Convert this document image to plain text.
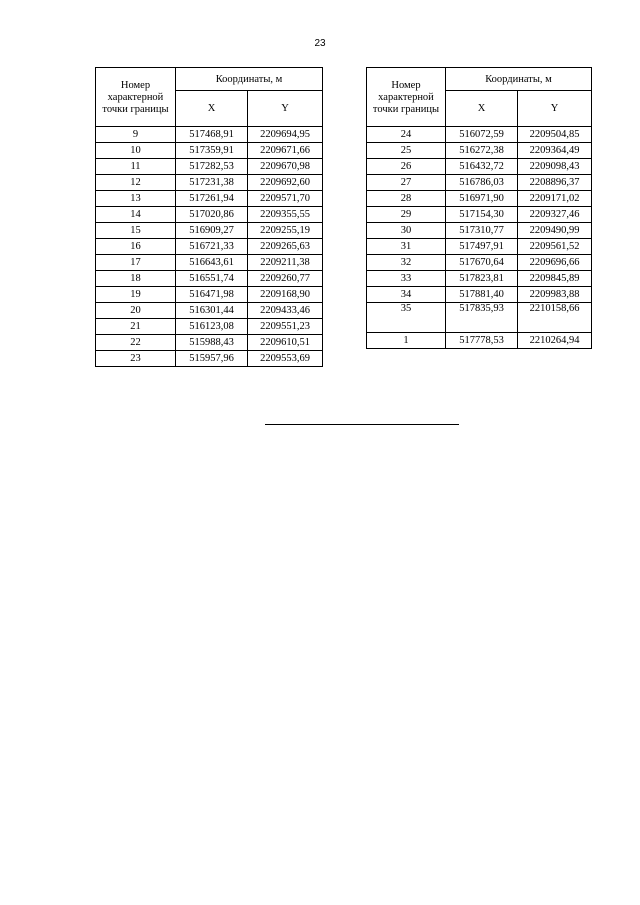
23
Номер характерной точки границы	Координаты, м	
	X	Y
9	517468,91	2209694,95
10	517359,91	2209671,66
11	517282,53	2209670,98
12	517231,38	2209692,60
13	517261,94	2209571,70
14	517020,86	2209355,55
15	516909,27	2209255,19
16	516721,33	2209265,63
17	516643,61	2209211,38
18	516551,74	2209260,77
19	516471,98	2209168,90
20	516301,44	2209433,46
21	516123,08	2209551,23
22	515988,43	2209610,51
23	515957,96	2209553,69
Номер характерной точки границы	Координаты, м	
	X	Y
24	516072,59	2209504,85
25	516272,38	2209364,49
26	516432,72	2209098,43
27	516786,03	2208896,37
28	516971,90	2209171,02
29	517154,30	2209327,46
30	517310,77	2209490,99
31	517497,91	2209561,52
32	517670,64	2209696,66
33	517823,81	2209845,89
34	517881,40	2209983,88
35	517835,93	2210158,66
1	517778,53	2210264,94
